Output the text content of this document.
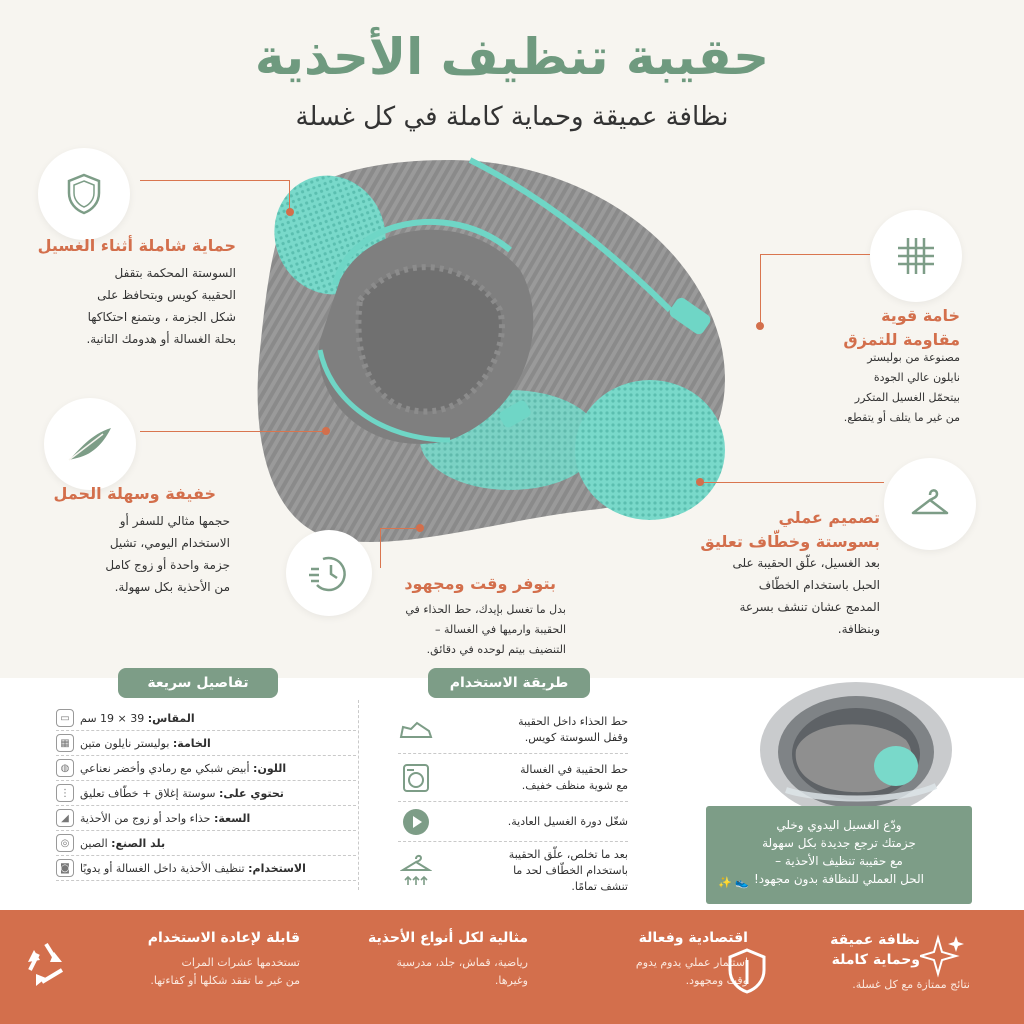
حقيبة تنظيف الأحذية
نظافة عميقة وحماية كاملة في كل غسلة
حماية شاملة أثناء الغسيل
السوستة المحكمة بتقفل
الحقيبة كويس وبتحافظ على
شكل الجزمة ، وبتمنع احتكاكها
بحلة الغسالة أو هدومك التانية.
خامة قوية
مقاومة للتمزق
مصنوعة من بوليستر
نايلون عالي الجودة
بيتحمّل الغسيل المتكرر
من غير ما يتلف أو يتقطع.
خفيفة وسهلة الحمل
حجمها مثالي للسفر أو
الاستخدام اليومي، تشيل
جزمة واحدة أو زوج كامل
من الأحذية بكل سهولة.
تصميم عملي
بسوستة وخطّاف تعليق
بعد الغسيل، علّق الحقيبة على
الحبل باستخدام الخطّاف
المدمج عشان تنشف بسرعة
وبنظافة.
بتوفر وقت ومجهود
بدل ما تغسل بإيدك، حط الحذاء في
الحقيبة وارميها في الغسالة –
التنضيف بيتم لوحده في دقائق.
تفاصيل سريعة
▭	المقاس: 39 × 19 سم
▦	الخامة: بوليستر نايلون متين
◍	اللون: أبيض شبكي مع رمادي وأخضر نعناعي
⋮	تحتوي على: سوستة إغلاق + خطّاف تعليق
◢	السعة: حذاء واحد أو زوج من الأحذية
◎	بلد الصنع: الصين
◙	الاستخدام: تنظيف الأحذية داخل الغسالة أو يدويًا
طريقة الاستخدام
حط الحذاء داخل الحقيبة
وقفل السوستة كويس.
حط الحقيبة في الغسالة
مع شوية منظف خفيف.
شغّل دورة الغسيل العادية.
بعد ما تخلص، علّق الحقيبة
باستخدام الخطّاف لحد ما
تنشف تمامًا.
ودّع الغسيل اليدوي وخلي
جزمتك ترجع جديدة بكل سهولة
مع حقيبة تنظيف الأحذية –
الحل العملي للنظافة بدون مجهود!
👟 ✨
قابلة لإعادة الاستخدام
تستخدمها عشرات المرات
من غير ما تفقد شكلها أو كفاءتها.
مثالية لكل أنواع الأحذية
رياضية، قماش، جلد، مدرسية
وغيرها.
اقتصادية وفعالة
استثمار عملي يدوم يدوم
وقت ومجهود.
نظافة عميقة
وحماية كاملة
نتائج ممتازة مع كل غسلة.
